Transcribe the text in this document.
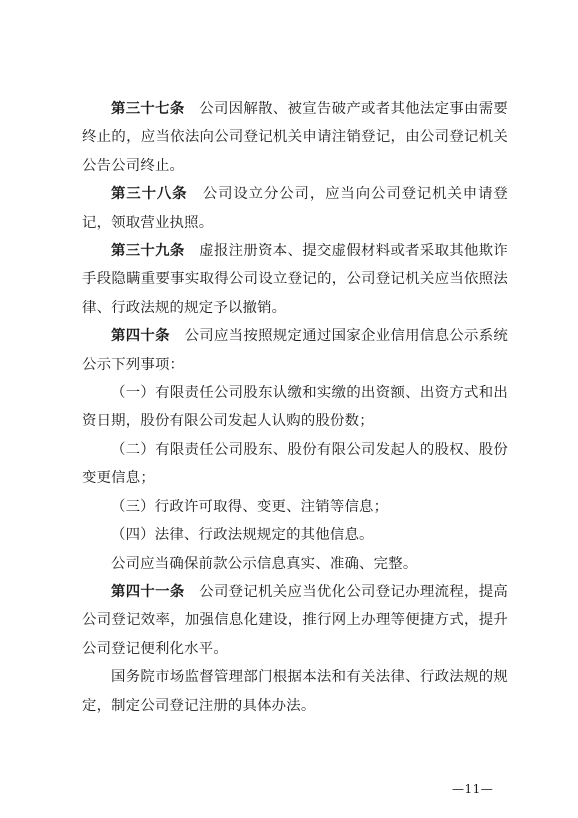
第三十七条　 公司因解散、被宣告破产或者其他法定事由需要终止的，应当依法向公司登记机关申请注销登记，由公司登记机关公告公司终止。

第三十八条　 公司设立分公司，应当向公司登记机关申请登记，领取营业执照。

第三十九条　 虚报注册资本、提交虚假材料或者采取其他欺诈手段隐瞒重要事实取得公司设立登记的，公司登记机关应当依照法律、行政法规的规定予以撤销。

第四十条　 公司应当按照规定通过国家企业信用信息公示系统公示下列事项：

（一）有限责任公司股东认缴和实缴的出资额、出资方式和出资日期，股份有限公司发起人认购的股份数；

（二）有限责任公司股东、股份有限公司发起人的股权、股份变更信息；

（三）行政许可取得、变更、注销等信息；

（四）法律、行政法规规定的其他信息。

公司应当确保前款公示信息真实、准确、完整。

第四十一条　 公司登记机关应当优化公司登记办理流程，提高公司登记效率，加强信息化建设，推行网上办理等便捷方式，提升公司登记便利化水平。

国务院市场监督管理部门根据本法和有关法律、行政法规的规定，制定公司登记注册的具体办法。

—11—
